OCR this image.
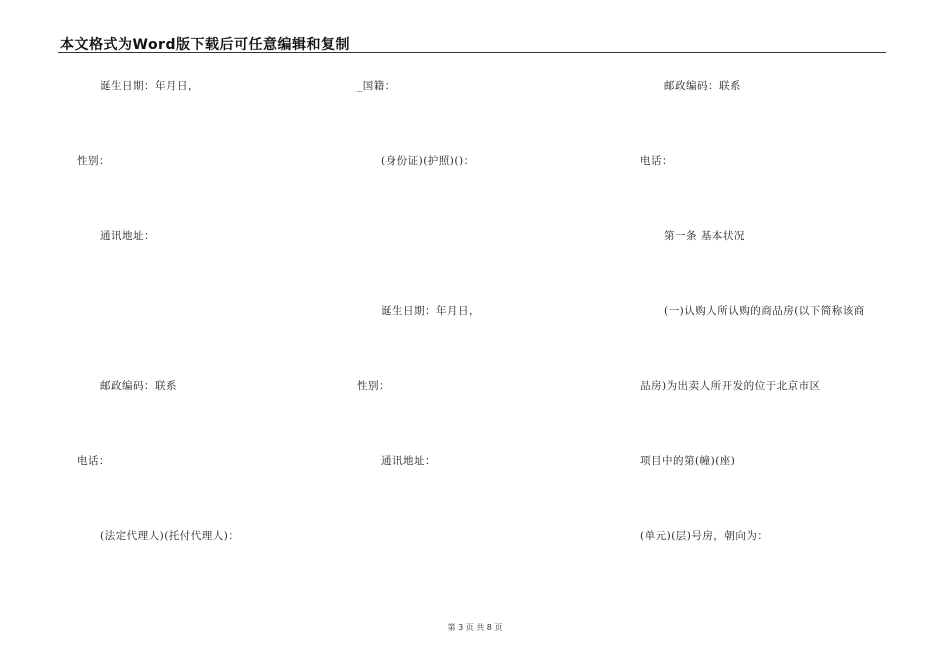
本文格式为Word版下载后可任意编辑和复制
诞生日期：年月日，	_国籍：	邮政编码：联系
性别：	(身份证)(护照)()：	电话：
通讯地址：	第一条 基本状况
诞生日期：年月日，	(一)认购人所认购的商品房(以下简称该商
邮政编码：联系	性别：	品房)为出卖人所开发的位于北京市区
电话：	通讯地址：	项目中的第(幢)(座)
(法定代理人)(托付代理人)：	(单元)(层)号房，朝向为：
第 3 页 共 8 页
